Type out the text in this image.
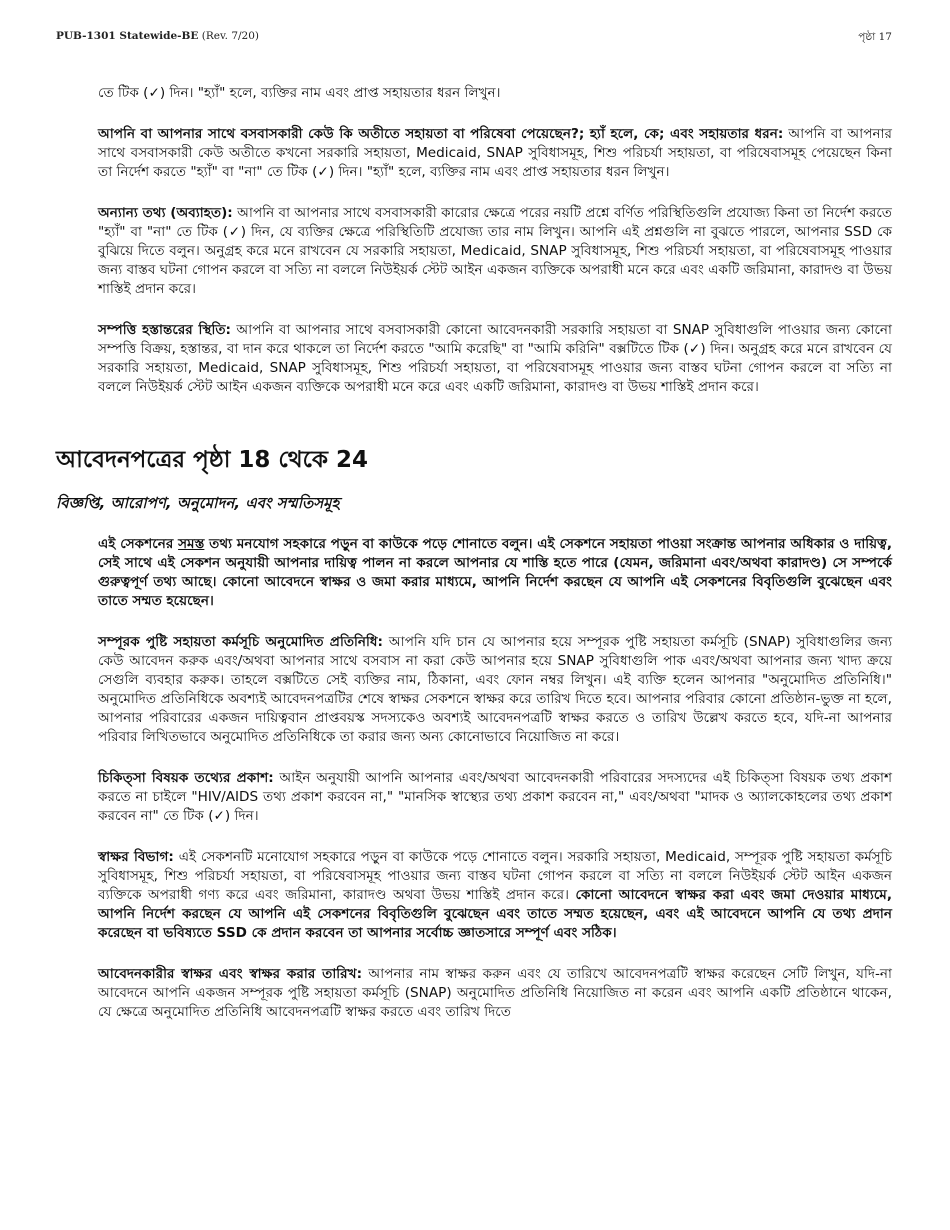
PUB-1301 Statewide-BE (Rev. 7/20)	পৃষ্ঠা 17

তে টিক (✓) দিন। "হ্যাঁ" হলে, ব্যক্তির নাম এবং প্রাপ্ত সহায়তার ধরন লিখুন।

আপনি বা আপনার সাথে বসবাসকারী কেউ কি অতীতে সহায়তা বা পরিষেবা পেয়েছেন?; হ্যাঁ হলে, কে; এবং সহায়তার ধরন: আপনি বা আপনার সাথে বসবাসকারী কেউ অতীতে কখনো সরকারি সহায়তা, Medicaid, SNAP সুবিধাসমূহ, শিশু পরিচর্যা সহায়তা, বা পরিষেবাসমূহ পেয়েছেন কিনা তা নির্দেশ করতে "হ্যাঁ" বা "না" তে টিক (✓) দিন। "হ্যাঁ" হলে, ব্যক্তির নাম এবং প্রাপ্ত সহায়তার ধরন লিখুন।

অন্যান্য তথ্য (অব্যাহত): আপনি বা আপনার সাথে বসবাসকারী কারোর ক্ষেত্রে পরের নয়টি প্রশ্নে বর্ণিত পরিস্থিতিগুলি প্রযোজ্য কিনা তা নির্দেশ করতে "হ্যাঁ" বা "না" তে টিক (✓) দিন, যে ব্যক্তির ক্ষেত্রে পরিস্থিতিটি প্রযোজ্য তার নাম লিখুন। আপনি এই প্রশ্নগুলি না বুঝতে পারলে, আপনার SSD কে বুঝিয়ে দিতে বলুন। অনুগ্রহ করে মনে রাখবেন যে সরকারি সহায়তা, Medicaid, SNAP সুবিধাসমূহ, শিশু পরিচর্যা সহায়তা, বা পরিষেবাসমূহ পাওয়ার জন্য বাস্তব ঘটনা গোপন করলে বা সত্যি না বললে নিউইয়র্ক স্টেট আইন একজন ব্যক্তিকে অপরাধী মনে করে এবং একটি জরিমানা, কারাদণ্ড বা উভয় শাস্তিই প্রদান করে।

সম্পত্তি হস্তান্তরের স্থিতি: আপনি বা আপনার সাথে বসবাসকারী কোনো আবেদনকারী সরকারি সহায়তা বা SNAP সুবিধাগুলি পাওয়ার জন্য কোনো সম্পত্তি বিক্রয়, হস্তান্তর, বা দান করে থাকলে তা নির্দেশ করতে "আমি করেছি" বা "আমি করিনি" বক্সটিতে টিক (✓) দিন। অনুগ্রহ করে মনে রাখবেন যে সরকারি সহায়তা, Medicaid, SNAP সুবিধাসমূহ, শিশু পরিচর্যা সহায়তা, বা পরিষেবাসমূহ পাওয়ার জন্য বাস্তব ঘটনা গোপন করলে বা সত্যি না বললে নিউইয়র্ক স্টেট আইন একজন ব্যক্তিকে অপরাধী মনে করে এবং একটি জরিমানা, কারাদণ্ড বা উভয় শাস্তিই প্রদান করে।

আবেদনপত্রের পৃষ্ঠা 18 থেকে 24
বিজ্ঞপ্তি, আরোপণ, অনুমোদন, এবং সম্মতিসমূহ

এই সেকশনের সমস্ত তথ্য মনযোগ সহকারে পড়ুন বা কাউকে পড়ে শোনাতে বলুন। এই সেকশনে সহায়তা পাওয়া সংক্রান্ত আপনার অধিকার ও দায়িত্ব, সেই সাথে এই সেকশন অনুযায়ী আপনার দায়িত্ব পালন না করলে আপনার যে শাস্তি হতে পারে (যেমন, জরিমানা এবং/অথবা কারাদণ্ড) সে সম্পর্কে গুরুত্বপূর্ণ তথ্য আছে। কোনো আবেদনে স্বাক্ষর ও জমা করার মাধ্যমে, আপনি নির্দেশ করছেন যে আপনি এই সেকশনের বিবৃতিগুলি বুঝেছেন এবং তাতে সম্মত হয়েছেন।

সম্পূরক পুষ্টি সহায়তা কর্মসূচি অনুমোদিত প্রতিনিধি: আপনি যদি চান যে আপনার হয়ে সম্পূরক পুষ্টি সহায়তা কর্মসূচি (SNAP) সুবিধাগুলির জন্য কেউ আবেদন করুক এবং/অথবা আপনার সাথে বসবাস না করা কেউ আপনার হয়ে SNAP সুবিধাগুলি পাক এবং/অথবা আপনার জন্য খাদ্য ক্রয়ে সেগুলি ব্যবহার করুক। তাহলে বক্সটিতে সেই ব্যক্তির নাম, ঠিকানা, এবং ফোন নম্বর লিখুন। এই ব্যক্তি হলেন আপনার "অনুমোদিত প্রতিনিধি।" অনুমোদিত প্রতিনিধিকে অবশ্যই আবেদনপত্রটির শেষে স্বাক্ষর সেকশনে স্বাক্ষর করে তারিখ দিতে হবে। আপনার পরিবার কোনো প্রতিষ্ঠান-ভুক্ত না হলে, আপনার পরিবারের একজন দায়িত্ববান প্রাপ্তবয়স্ক সদস্যকেও অবশ্যই আবেদনপত্রটি স্বাক্ষর করতে ও তারিখ উল্লেখ করতে হবে, যদি-না আপনার পরিবার লিখিতভাবে অনুমোদিত প্রতিনিধিকে তা করার জন্য অন্য কোনোভাবে নিয়োজিত না করে।

চিকিত্সা বিষয়ক তথ্যের প্রকাশ: আইন অনুযায়ী আপনি আপনার এবং/অথবা আবেদনকারী পরিবারের সদস্যদের এই চিকিত্সা বিষয়ক তথ্য প্রকাশ করতে না চাইলে "HIV/AIDS তথ্য প্রকাশ করবেন না," "মানসিক স্বাস্থ্যের তথ্য প্রকাশ করবেন না," এবং/অথবা "মাদক ও অ্যালকোহলের তথ্য প্রকাশ করবেন না" তে টিক (✓) দিন।

স্বাক্ষর বিভাগ: এই সেকশনটি মনোযোগ সহকারে পড়ুন বা কাউকে পড়ে শোনাতে বলুন। সরকারি সহায়তা, Medicaid, সম্পূরক পুষ্টি সহায়তা কর্মসূচি সুবিধাসমূহ, শিশু পরিচর্যা সহায়তা, বা পরিষেবাসমূহ পাওয়ার জন্য বাস্তব ঘটনা গোপন করলে বা সত্যি না বললে নিউইয়র্ক স্টেট আইন একজন ব্যক্তিকে অপরাধী গণ্য করে এবং জরিমানা, কারাদণ্ড অথবা উভয় শাস্তিই প্রদান করে। কোনো আবেদনে স্বাক্ষর করা এবং জমা দেওয়ার মাধ্যমে, আপনি নির্দেশ করছেন যে আপনি এই সেকশনের বিবৃতিগুলি বুঝেছেন এবং তাতে সম্মত হয়েছেন, এবং এই আবেদনে আপনি যে তথ্য প্রদান করেছেন বা ভবিষ্যতে SSD কে প্রদান করবেন তা আপনার সর্বোচ্চ জ্ঞাতসারে সম্পূর্ণ এবং সঠিক।

আবেদনকারীর স্বাক্ষর এবং স্বাক্ষর করার তারিখ: আপনার নাম স্বাক্ষর করুন এবং যে তারিখে আবেদনপত্রটি স্বাক্ষর করেছেন সেটি লিখুন, যদি-না আবেদনে আপনি একজন সম্পূরক পুষ্টি সহায়তা কর্মসূচি (SNAP) অনুমোদিত প্রতিনিধি নিয়োজিত না করেন এবং আপনি একটি প্রতিষ্ঠানে থাকেন, যে ক্ষেত্রে অনুমোদিত প্রতিনিধি আবেদনপত্রটি স্বাক্ষর করতে এবং তারিখ দিতে
